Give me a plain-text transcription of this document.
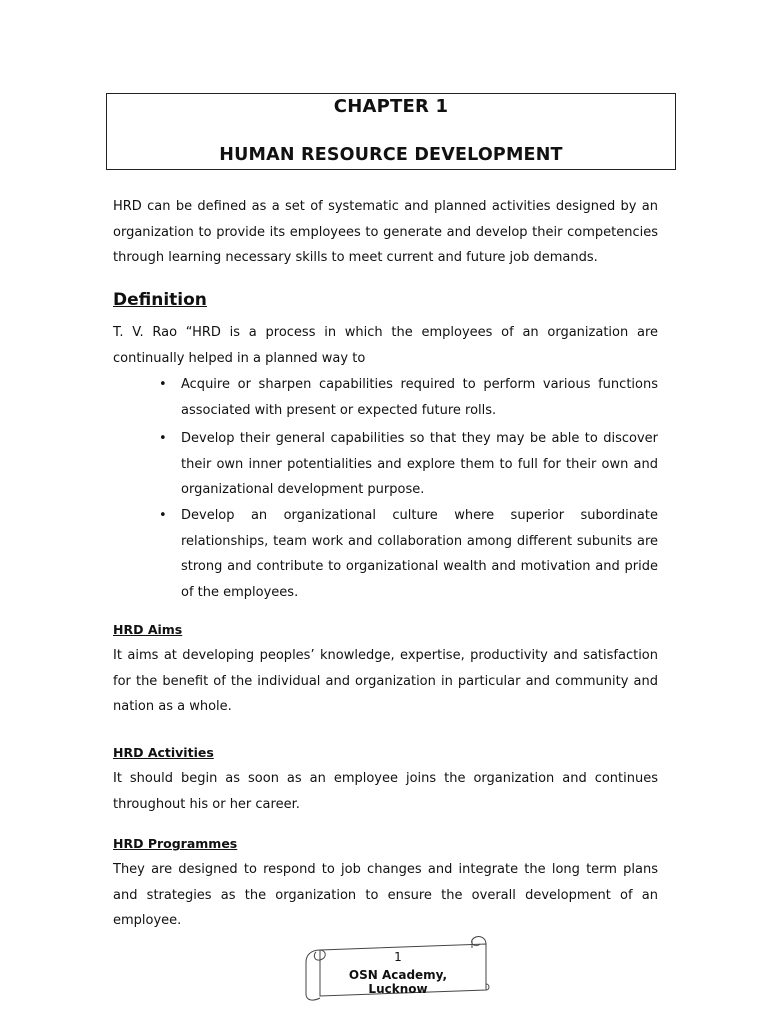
CHAPTER 1
HUMAN RESOURCE DEVELOPMENT
HRD can be defined as a set of systematic and planned activities designed by an organization to provide its employees to generate and develop their competencies through learning necessary skills to meet current and future job demands.
Definition
T. V. Rao “HRD is a process in which the employees of an organization are continually helped in a planned way to
• Acquire or sharpen capabilities required to perform various functions associated with present or expected future rolls.
• Develop their general capabilities so that they may be able to discover their own inner potentialities and explore them to full for their own and organizational development purpose.
• Develop an organizational culture where superior subordinate relationships, team work and collaboration among different subunits are strong and contribute to organizational wealth and motivation and pride of the employees.
HRD Aims
It aims at developing peoples’ knowledge, expertise, productivity and satisfaction for the benefit of the individual and organization in particular and community and nation as a whole.
HRD Activities
It should begin as soon as an employee joins the organization and continues throughout his or her career.
HRD Programmes
They are designed to respond to job changes and integrate the long term plans and strategies as the organization to ensure the overall development of an employee.
1
OSN Academy, Lucknow
